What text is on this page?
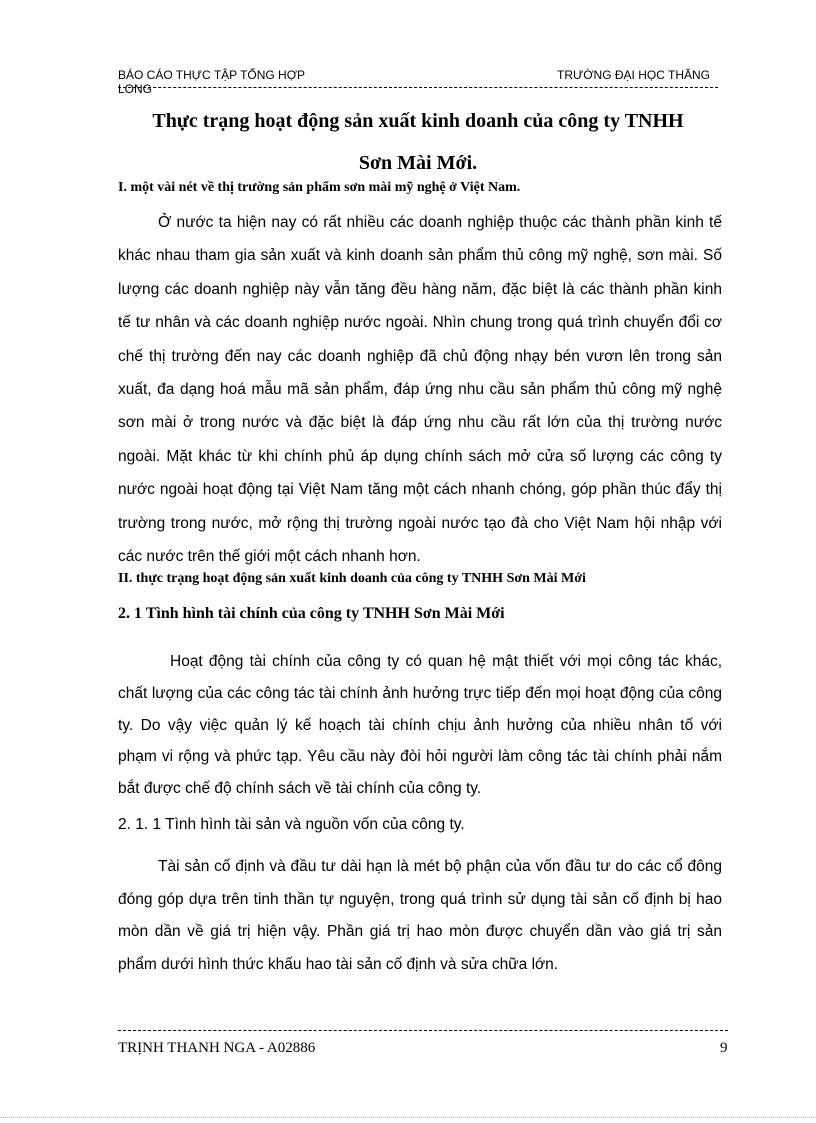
BÁO CÁO THỰC TẬP TỔNG HỢP
LONG
TRƯỜNG ĐẠI HỌC THĂNG
Thực trạng hoạt động sản xuất kinh doanh của công ty TNHH
Sơn Mài Mới.
I. một vài nét về thị trường sản phẩm sơn mài mỹ nghệ ở Việt Nam.
Ở nước ta hiện nay có rất nhiều các doanh nghiệp thuộc các thành phần kinh tế
khác nhau tham gia sản xuất và kinh doanh sản phẩm thủ công mỹ nghệ, sơn mài. Số
lượng các doanh nghiệp này vẫn tăng đều hàng năm, đặc biệt là các thành phần kinh
tế tư nhân và các doanh nghiệp nước ngoài. Nhìn chung trong quá trình chuyển đổi cơ
chế thị trường đến nay các doanh nghiệp đã chủ động nhạy bén vươn lên trong sản
xuất, đa dạng hoá mẫu mã sản phẩm, đáp ứng nhu cầu sản phẩm thủ công mỹ nghệ
sơn mài ở trong nước và đặc biệt là đáp ứng nhu cầu rất lớn của thị trường nước
ngoài. Mặt khác từ khi chính phủ áp dụng chính sách mở cửa số lượng các công ty
nước ngoài hoạt động tại Việt Nam tăng một cách nhanh chóng, góp phần thúc đẩy thị
trường trong nước, mở rộng thị trường ngoài nước tạo đà cho Việt Nam hội nhập với
các nước trên thế giới một cách nhanh hơn.
II. thực trạng hoạt động sản xuất kinh doanh của công ty TNHH Sơn Mài Mới
2. 1 Tình hình tài chính của công ty TNHH Sơn Mài Mới
Hoạt động tài chính của công ty có quan hệ mật thiết với mọi công tác khác,
chất lượng của các công tác tài chính ảnh hưởng trực tiếp đến mọi hoạt động của công
ty. Do vậy việc quản lý kế hoạch tài chính chịu ảnh hưởng của nhiều nhân tố với
phạm vi rộng và phức tạp. Yêu cầu này đòi hỏi người làm công tác tài chính phải nắm
bắt được chế độ chính sách về tài chính của công ty.
2. 1. 1 Tình hình tài sản và nguồn vốn của công ty.
Tài sản cố định và đầu tư dài hạn là mét bộ phận của vốn đầu tư do các cổ đông
đóng góp dựa trên tinh thần tự nguyện, trong quá trình sử dụng tài sản cố định bị hao
mòn dần về giá trị hiện vậy. Phần giá trị hao mòn được chuyển dần vào giá trị sản
phẩm dưới hình thức khấu hao tài sản cố định và sửa chữa lớn.
TRỊNH THANH NGA - A02886	9
